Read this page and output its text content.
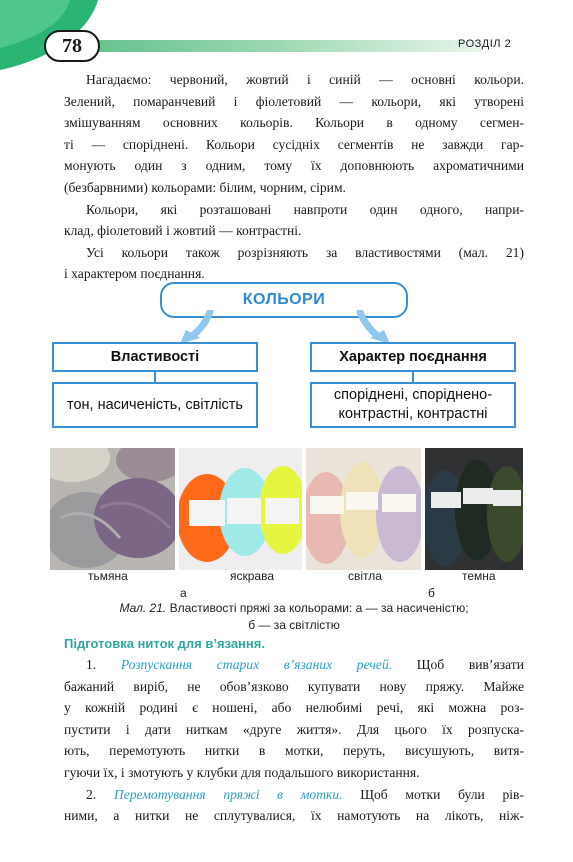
78	РОЗДІЛ 2
Нагадаємо: червоний, жовтий і синій — основні кольори.
Зелений, помаранчевий і фіолетовий — кольори, які утворені
змішуванням основних кольорів. Кольори в одному сегмен-
ті — споріднені. Кольори сусідніх сегментів не завжди гар-
монують один з одним, тому їх доповнюють ахроматичними
(безбарвними) кольорами: білим, чорним, сірим.
Кольори, які розташовані навпроти один одного, напри-
клад, фіолетовий і жовтий — контрастні.
Усі кольори також розрізняють за властивостями (мал. 21)
і характером поєднання.
КОЛЬОРИ
Властивості	Характер поєднання
тон, насиченість, світлість
споріднені, спорідненo-
контрастні, контрастні
тьмяна	яскрава	світла	темна
а	б
Мал. 21. Властивості пряжі за кольорами: а — за насиченістю;
б — за світлістю
Підготовка ниток для в’язання.
1. Розпускання старих в’язаних речей. Щоб вив’язати
бажаний виріб, не обов’язково купувати нову пряжу. Майже
у кожній родині є ношені, або нелюбимі речі, які можна роз-
пустити і дати ниткам «друге життя». Для цього їх розпуска-
ють, перемотують нитки в мотки, перуть, висушують, витя-
гуючи їх, і змотують у клубки для подальшого використання.
2. Перемотування пряжі в мотки. Щоб мотки були рів-
ними, а нитки не сплутувалися, їх намотують на лікоть, ніж-
